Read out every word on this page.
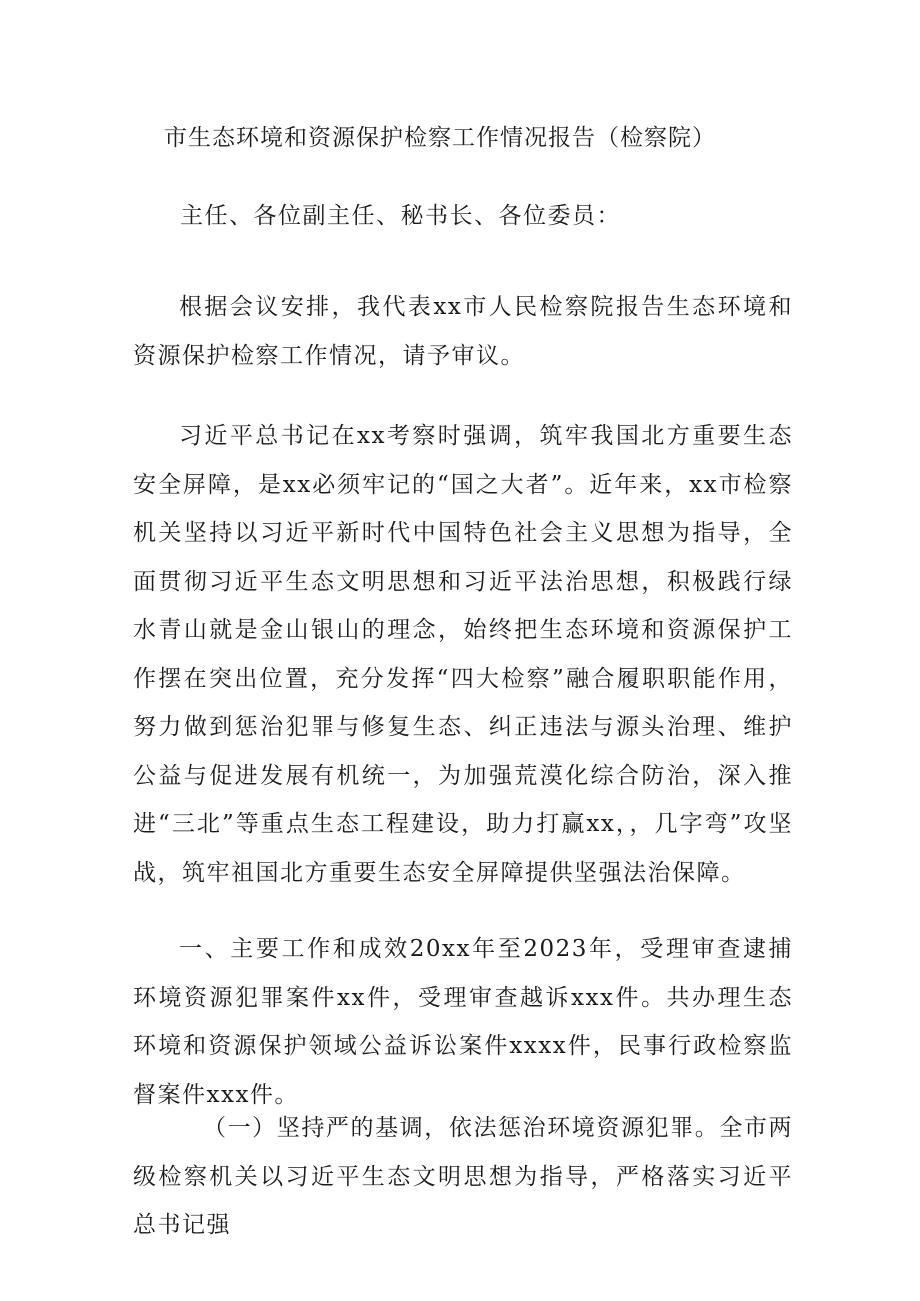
市生态环境和资源保护检察工作情况报告（检察院）
主任、各位副主任、秘书长、各位委员：

根据会议安排，我代表xx市人民检察院报告生态环境和资源保护检察工作情况，请予审议。

习近平总书记在xx考察时强调，筑牢我国北方重要生态安全屏障，是xx必须牢记的“国之大者”。近年来，xx市检察机关坚持以习近平新时代中国特色社会主义思想为指导，全面贯彻习近平生态文明思想和习近平法治思想，积极践行绿水青山就是金山银山的理念，始终把生态环境和资源保护工作摆在突出位置，充分发挥“四大检察”融合履职职能作用，努力做到惩治犯罪与修复生态、纠正违法与源头治理、维护公益与促进发展有机统一，为加强荒漠化综合防治，深入推进“三北”等重点生态工程建设，助力打赢xx，，几字弯”攻坚战，筑牢祖国北方重要生态安全屏障提供坚强法治保障。

一、主要工作和成效20xx年至2023年，受理审查逮捕环境资源犯罪案件xx件，受理审查越诉xxx件。共办理生态环境和资源保护领域公益诉讼案件xxxx件，民事行政检察监督案件xxx件。

（一）坚持严的基调，依法惩治环境资源犯罪。全市两级检察机关以习近平生态文明思想为指导，严格落实习近平总书记强
